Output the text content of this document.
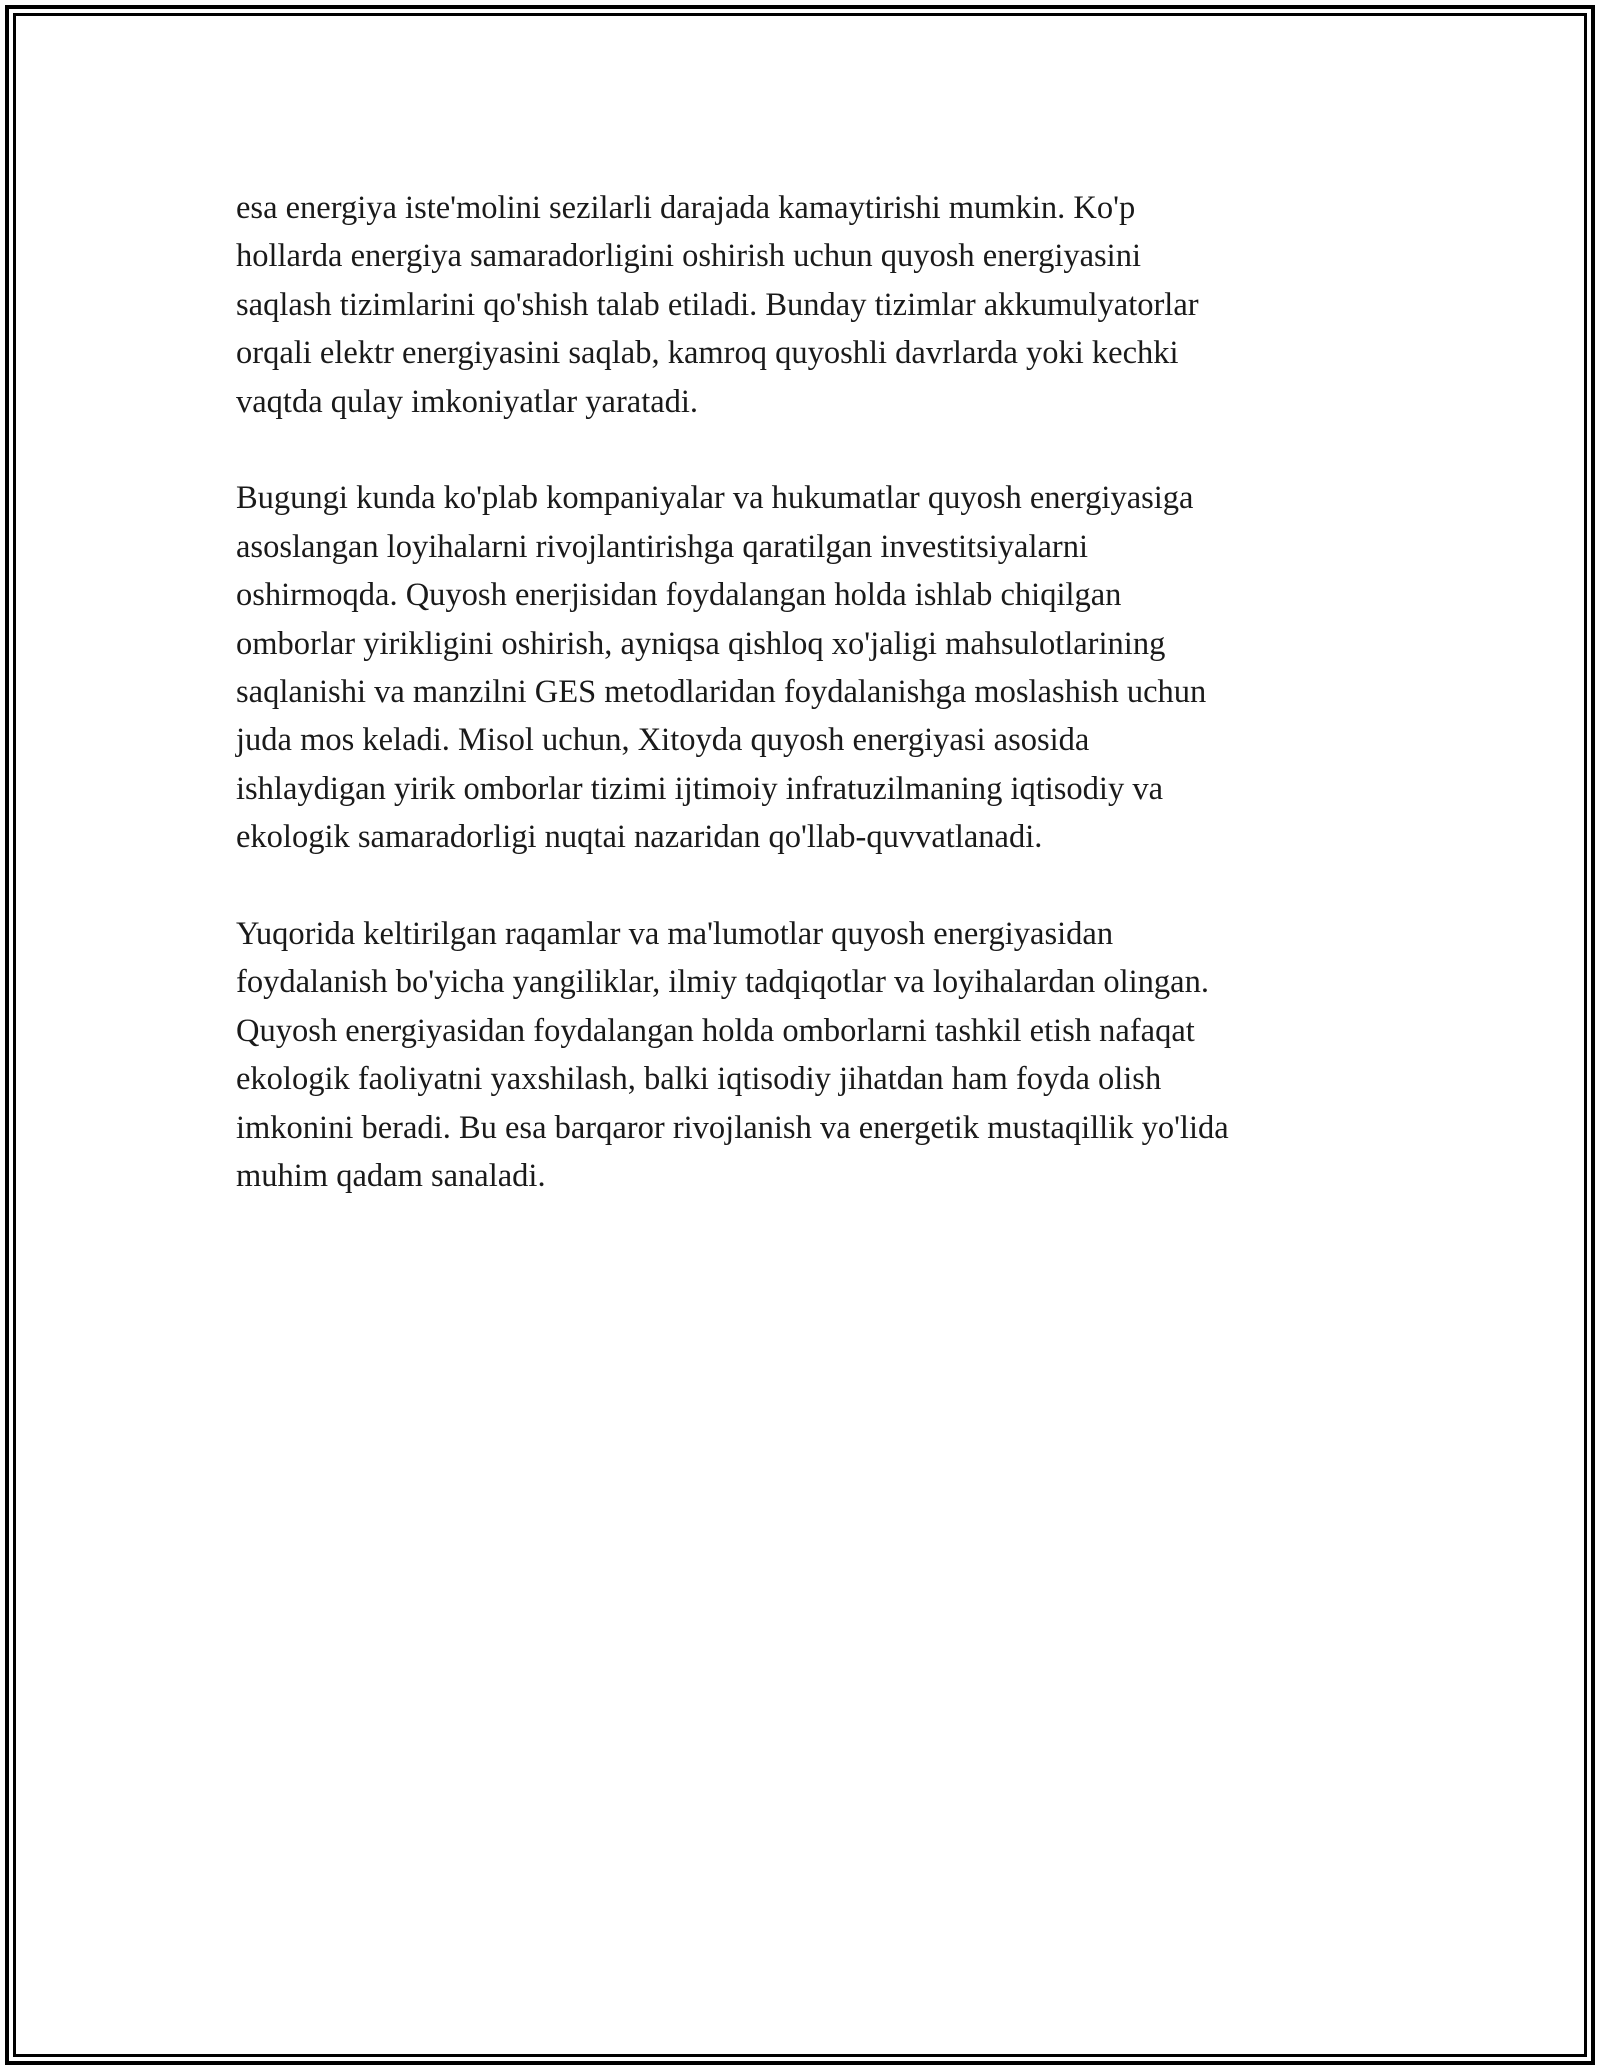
esa energiya iste'molini sezilarli darajada kamaytirishi mumkin. Ko'p
hollarda energiya samaradorligini oshirish uchun quyosh energiyasini
saqlash tizimlarini qo'shish talab etiladi. Bunday tizimlar akkumulyatorlar
orqali elektr energiyasini saqlab, kamroq quyoshli davrlarda yoki kechki
vaqtda qulay imkoniyatlar yaratadi.

Bugungi kunda ko'plab kompaniyalar va hukumatlar quyosh energiyasiga
asoslangan loyihalarni rivojlantirishga qaratilgan investitsiyalarni
oshirmoqda. Quyosh enerjisidan foydalangan holda ishlab chiqilgan
omborlar yirikligini oshirish, ayniqsa qishloq xo'jaligi mahsulotlarining
saqlanishi va manzilni GES metodlaridan foydalanishga moslashish uchun
juda mos keladi. Misol uchun, Xitoyda quyosh energiyasi asosida
ishlaydigan yirik omborlar tizimi ijtimoiy infratuzilmaning iqtisodiy va
ekologik samaradorligi nuqtai nazaridan qo'llab-quvvatlanadi.

Yuqorida keltirilgan raqamlar va ma'lumotlar quyosh energiyasidan
foydalanish bo'yicha yangiliklar, ilmiy tadqiqotlar va loyihalardan olingan.
Quyosh energiyasidan foydalangan holda omborlarni tashkil etish nafaqat
ekologik faoliyatni yaxshilash, balki iqtisodiy jihatdan ham foyda olish
imkonini beradi. Bu esa barqaror rivojlanish va energetik mustaqillik yo'lida
muhim qadam sanaladi.
